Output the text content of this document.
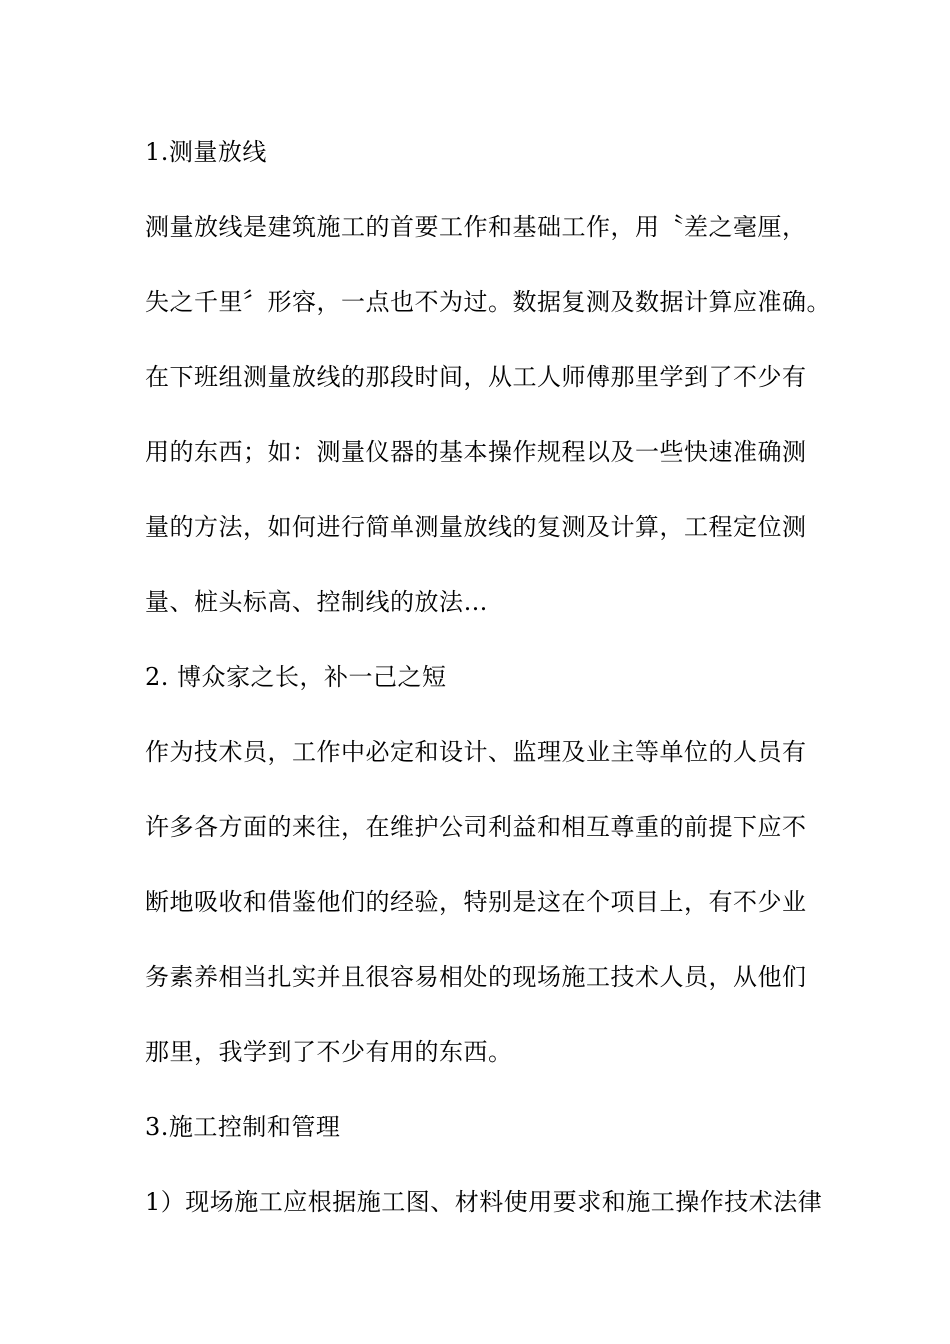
1.测量放线
测量放线是建筑施工的首要工作和基础工作，用〝差之毫厘，
失之千里〞形容，一点也不为过。数据复测及数据计算应准确。
在下班组测量放线的那段时间，从工人师傅那里学到了不少有
用的东西；如：测量仪器的基本操作规程以及一些快速准确测
量的方法，如何进行简单测量放线的复测及计算，工程定位测
量、桩头标高、控制线的放法…
2. 博众家之长，补一己之短
作为技术员，工作中必定和设计、监理及业主等单位的人员有
许多各方面的来往，在维护公司利益和相互尊重的前提下应不
断地吸收和借鉴他们的经验，特别是这在个项目上，有不少业
务素养相当扎实并且很容易相处的现场施工技术人员，从他们
那里，我学到了不少有用的东西。
3.施工控制和管理
1）现场施工应根据施工图、材料使用要求和施工操作技术法律
